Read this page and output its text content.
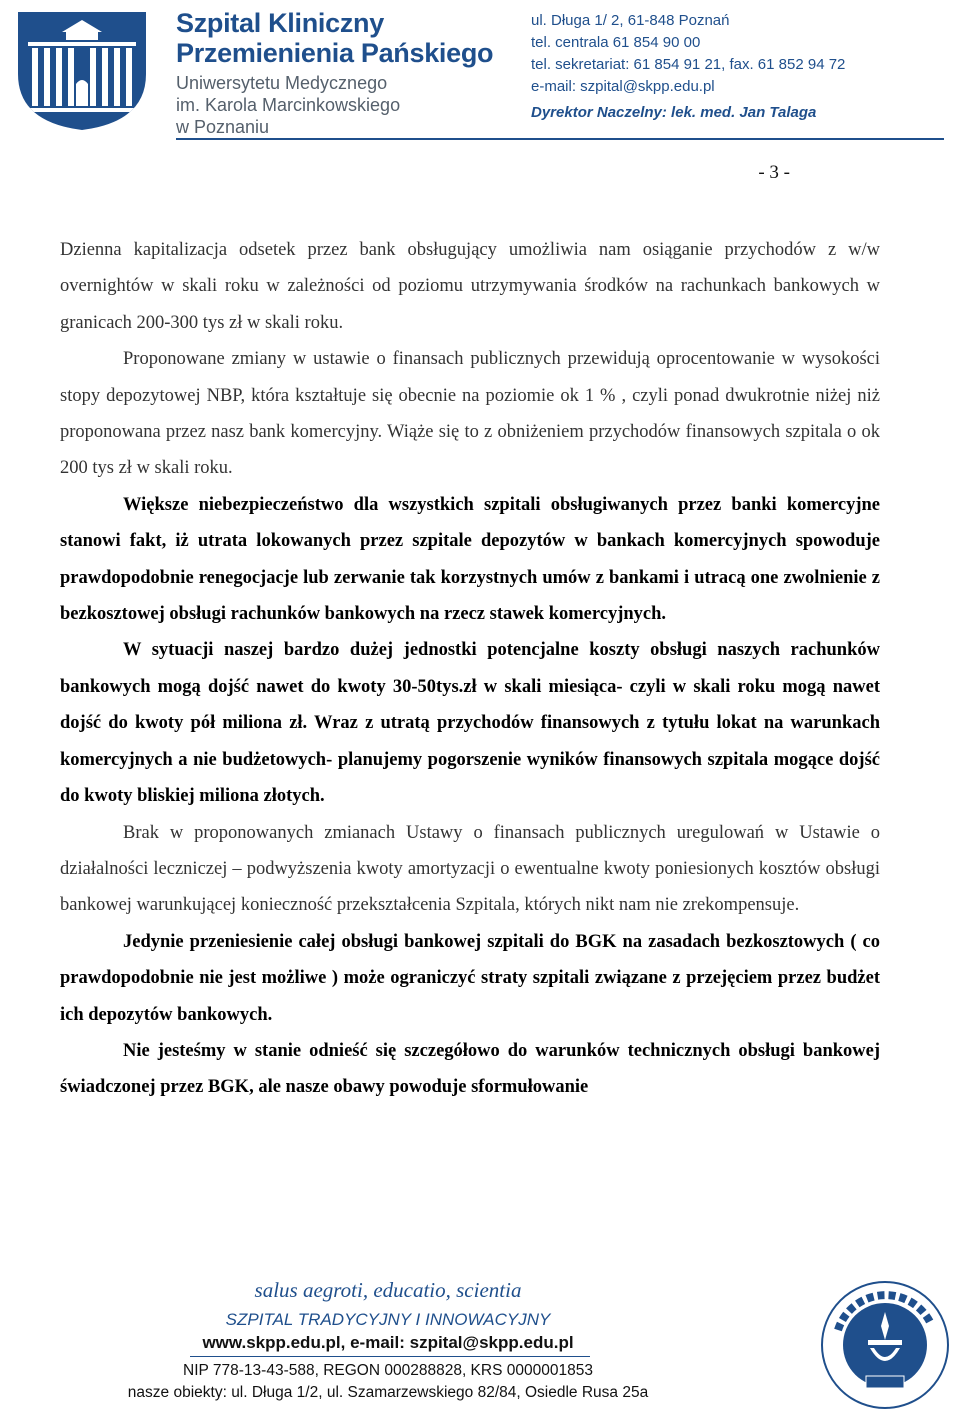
Szpital Kliniczny
Przemienienia Pańskiego
Uniwersytetu Medycznego
im. Karola Marcinkowskiego
w Poznaniu
ul. Długa 1/ 2, 61-848 Poznań
tel. centrala 61 854 90 00
tel. sekretariat: 61 854 91 21, fax. 61 852 94 72
e-mail: szpital@skpp.edu.pl
Dyrektor Naczelny: lek. med. Jan Talaga
- 3 -

Dzienna kapitalizacja odsetek przez bank obsługujący umożliwia nam osiąganie przychodów z w/w overnightów w skali roku w zależności od poziomu utrzymywania środków na rachunkach bankowych w granicach 200-300 tys zł w skali roku.

Proponowane zmiany w ustawie o finansach publicznych przewidują oprocentowanie w wysokości stopy depozytowej NBP, która kształtuje się obecnie na poziomie ok 1 % , czyli ponad dwukrotnie niżej niż proponowana przez nasz bank komercyjny. Wiąże się to z obniżeniem przychodów finansowych szpitala o ok 200 tys zł w skali roku.

Większe niebezpieczeństwo dla wszystkich szpitali obsługiwanych przez banki komercyjne stanowi fakt, iż utrata lokowanych przez szpitale depozytów w bankach komercyjnych spowoduje prawdopodobnie renegocjacje lub zerwanie tak korzystnych umów z bankami i utracą one zwolnienie z bezkosztowej obsługi rachunków bankowych na rzecz stawek komercyjnych.

W sytuacji naszej bardzo dużej jednostki potencjalne koszty obsługi naszych rachunków bankowych mogą dojść nawet do kwoty 30-50tys.zł w skali miesiąca- czyli w skali roku mogą nawet dojść do kwoty pół miliona zł. Wraz z utratą przychodów finansowych z tytułu lokat na warunkach komercyjnych a nie budżetowych- planujemy pogorszenie wyników finansowych szpitala mogące dojść do kwoty bliskiej miliona złotych.

Brak w proponowanych zmianach Ustawy o finansach publicznych uregulowań w Ustawie o działalności leczniczej – podwyższenia kwoty amortyzacji o ewentualne kwoty poniesionych kosztów obsługi bankowej warunkującej konieczność przekształcenia Szpitala, których nikt nam nie zrekompensuje.

Jedynie przeniesienie całej obsługi bankowej szpitali do BGK na zasadach bezkosztowych ( co prawdopodobnie nie jest możliwe ) może ograniczyć straty szpitali związane z przejęciem przez budżet ich depozytów bankowych.

Nie jesteśmy w stanie odnieść się szczegółowo do warunków technicznych obsługi bankowej świadczonej przez BGK, ale nasze obawy powoduje sformułowanie

salus aegroti, educatio, scientia
SZPITAL TRADYCYJNY I INNOWACYJNY
www.skpp.edu.pl, e-mail: szpital@skpp.edu.pl
NIP 778-13-43-588, REGON 000288828, KRS 0000001853
nasze obiekty: ul. Długa 1/2, ul. Szamarzewskiego 82/84, Osiedle Rusa 25a
